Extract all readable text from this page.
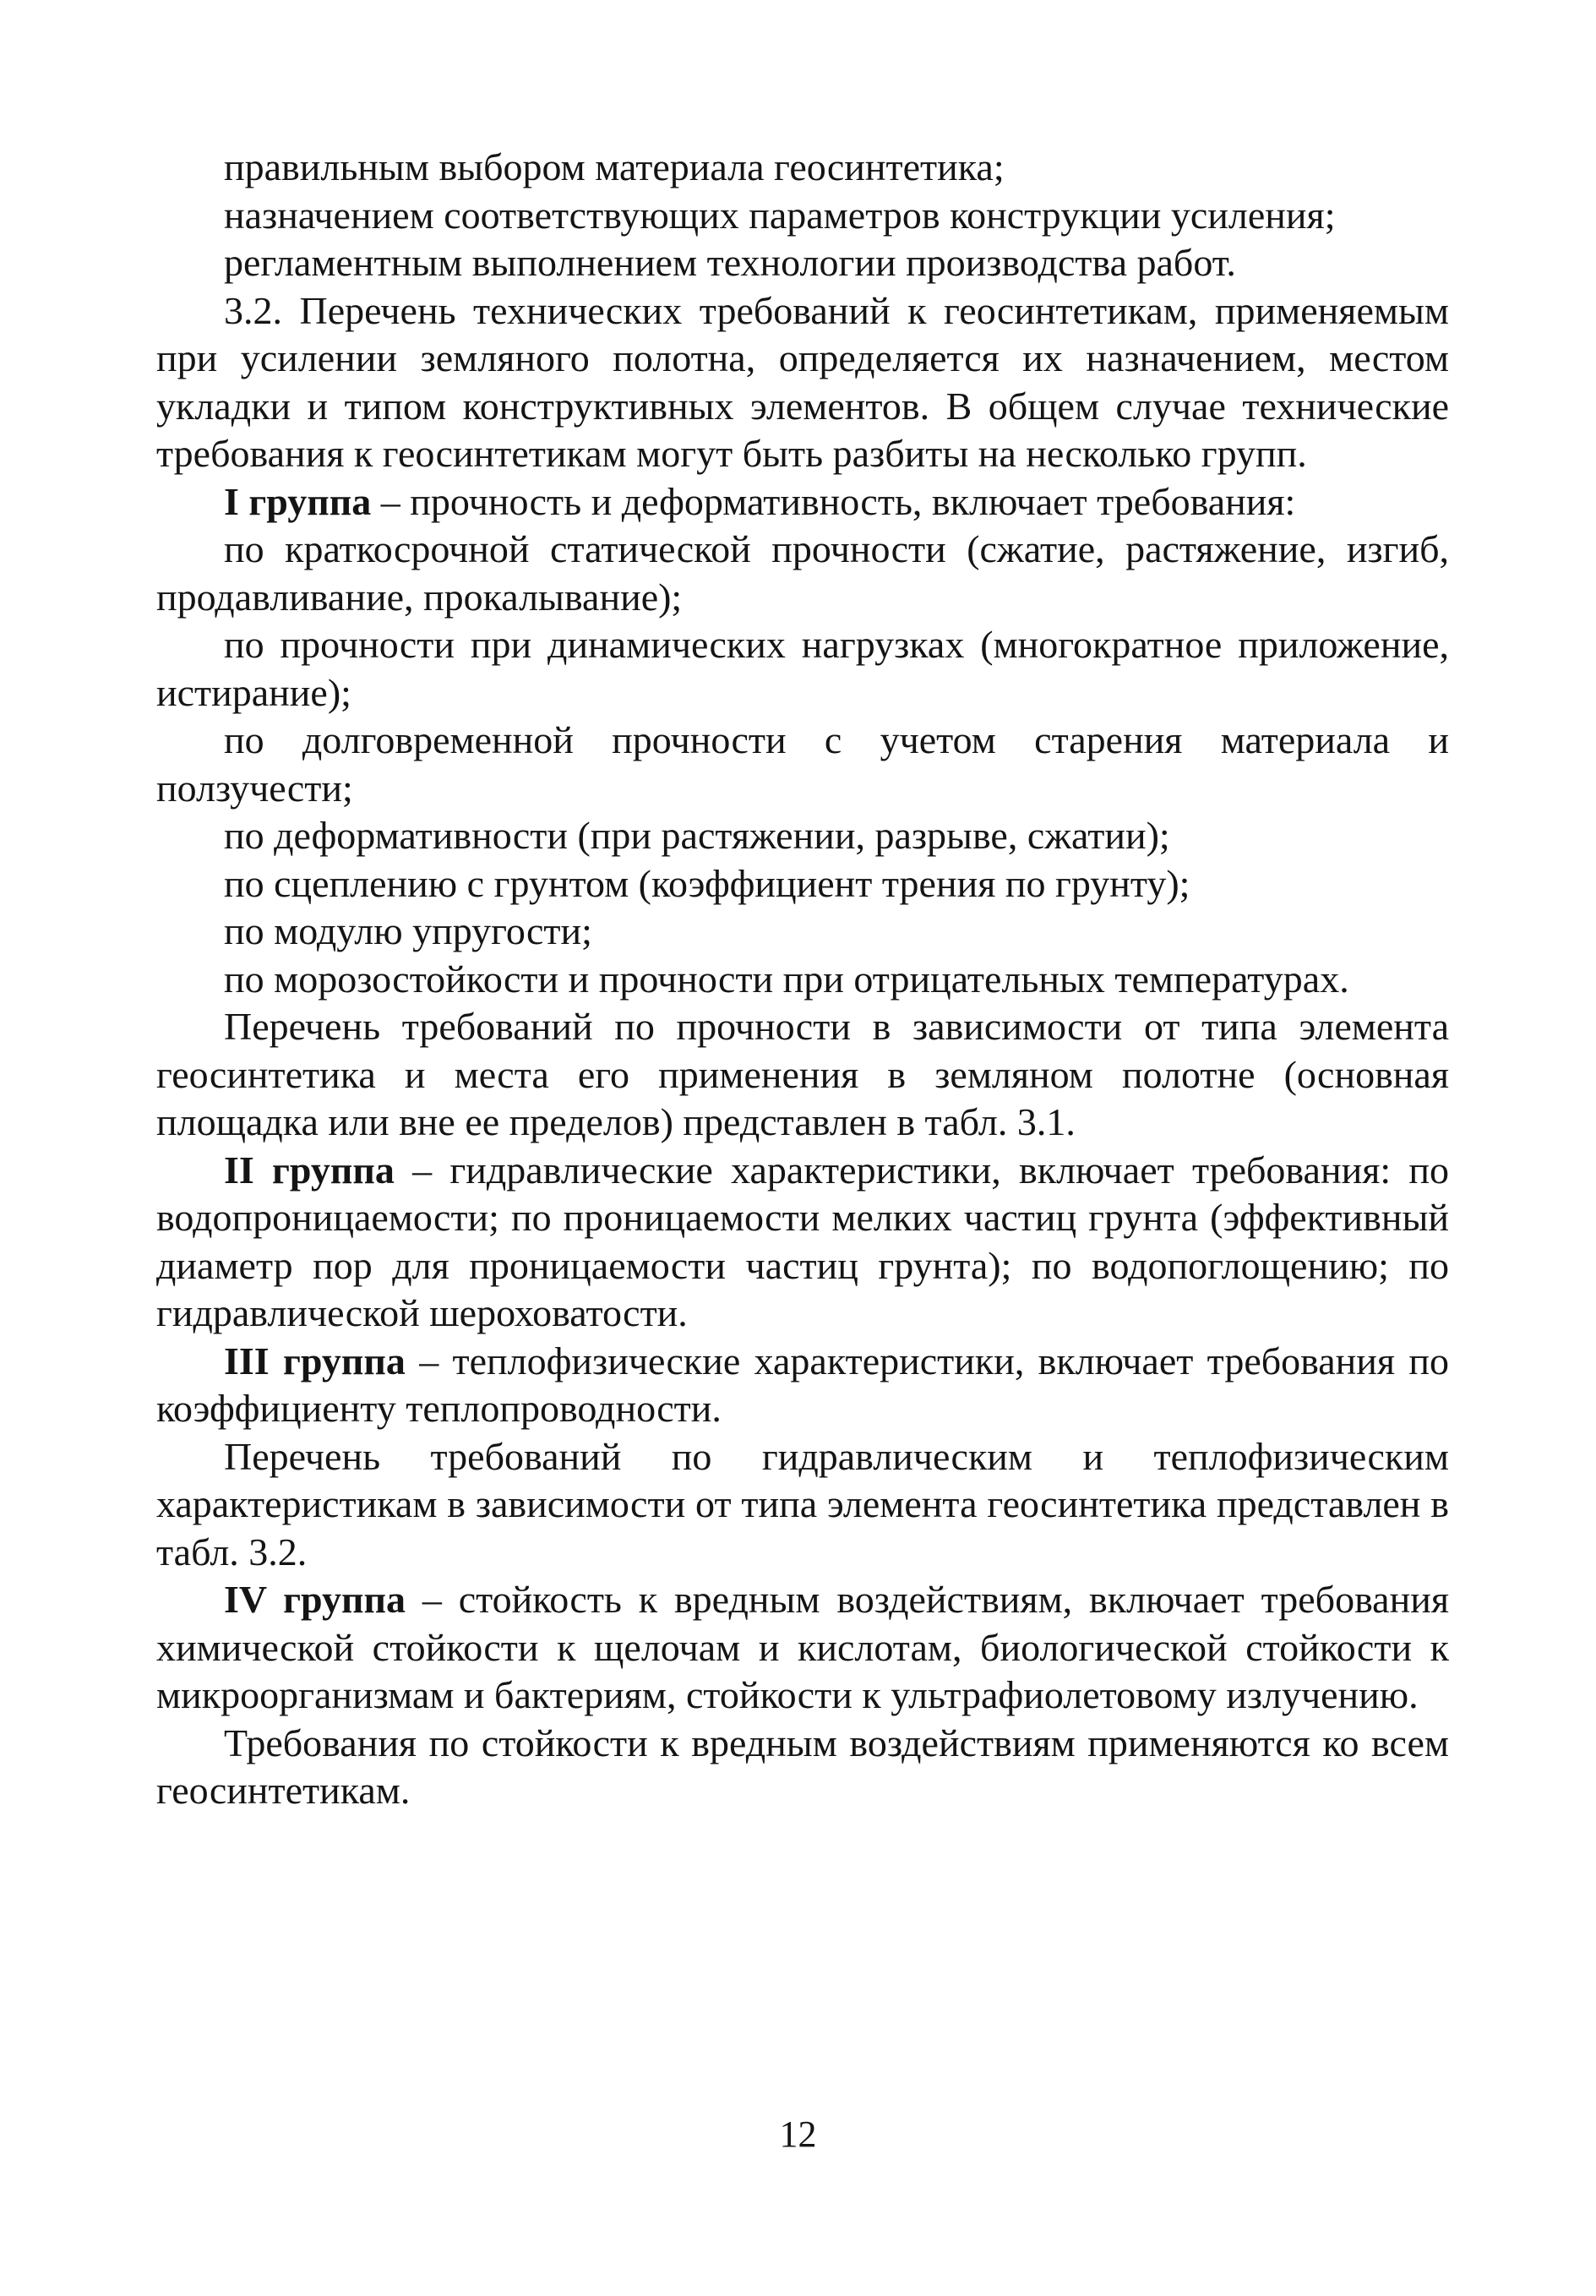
правильным выбором материала геосинтетика;

назначением соответствующих параметров конструкции усиления;

регламентным выполнением технологии производства работ.

3.2. Перечень технических требований к геосинтетикам, применяемым при усилении земляного полотна, определяется их назначением, местом укладки и типом конструктивных элементов. В общем случае технические требования к геосинтетикам могут быть разбиты на несколько групп.

I группа – прочность и деформативность, включает требования:

по краткосрочной статической прочности (сжатие, растяжение, изгиб, продавливание, прокалывание);

по прочности при динамических нагрузках (многократное приложение, истирание);

по долговременной прочности с учетом старения материала и ползучести;

по деформативности (при растяжении, разрыве, сжатии);

по сцеплению с грунтом (коэффициент трения по грунту);

по модулю упругости;

по морозостойкости и прочности при отрицательных температурах.

Перечень требований по прочности в зависимости от типа элемента геосинтетика и места его применения в земляном полотне (основная площадка или вне ее пределов) представлен в табл. 3.1.

II группа – гидравлические характеристики, включает требования: по водопроницаемости; по проницаемости мелких частиц грунта (эффективный диаметр пор для проницаемости частиц грунта); по водопоглощению; по гидравлической шероховатости.

III группа – теплофизические характеристики, включает требования по коэффициенту теплопроводности.

Перечень требований по гидравлическим и теплофизическим характеристикам в зависимости от типа элемента геосинтетика представлен в табл. 3.2.

IV группа – стойкость к вредным воздействиям, включает требования химической стойкости к щелочам и кислотам, биологической стойкости к микроорганизмам и бактериям, стойкости к ультрафиолетовому излучению.

Требования по стойкости к вредным воздействиям применяются ко всем геосинтетикам.

12
